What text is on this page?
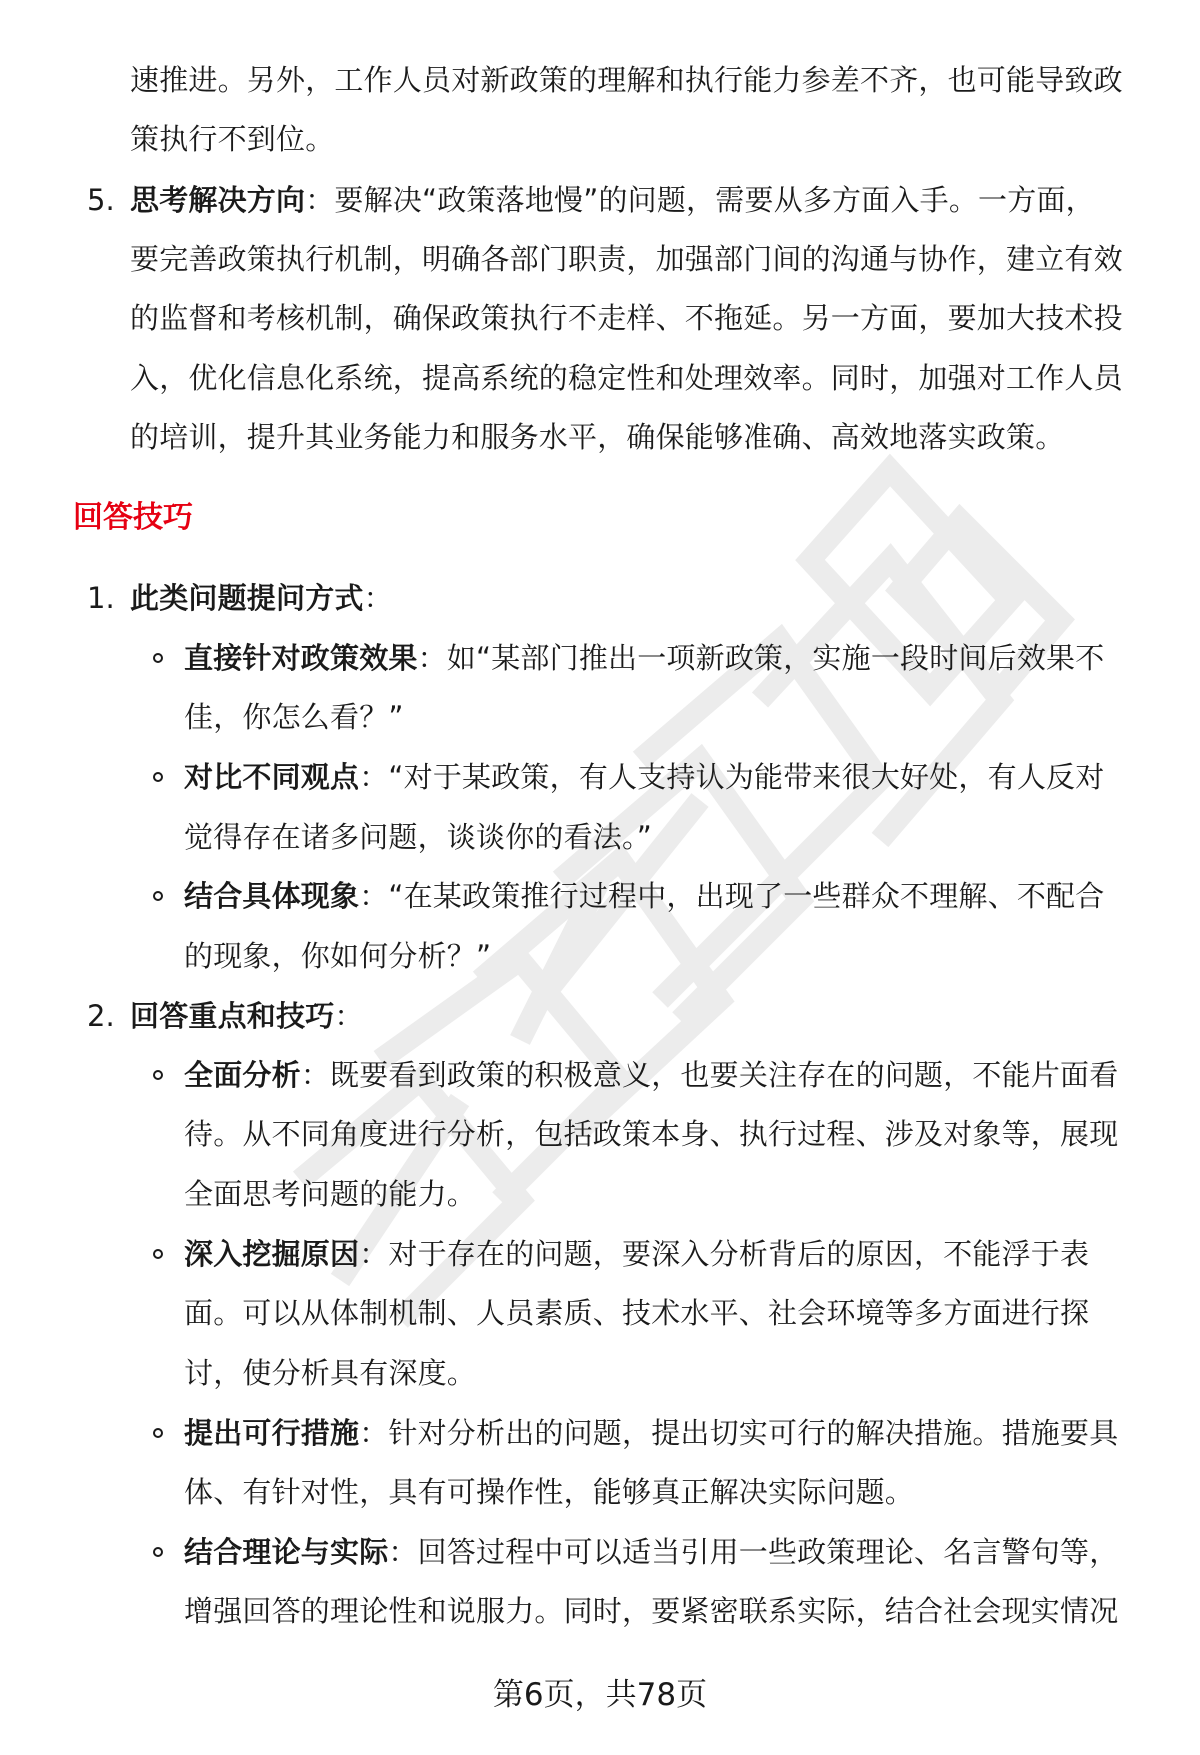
速推进。另外，工作人员对新政策的理解和执行能力参差不齐，也可能导致政
策执行不到位。
5. 思考解决方向：要解决“政策落地慢”的问题，需要从多方面入手。一方面，
要完善政策执行机制，明确各部门职责，加强部门间的沟通与协作，建立有效
的监督和考核机制，确保政策执行不走样、不拖延。另一方面，要加大技术投
入，优化信息化系统，提高系统的稳定性和处理效率。同时，加强对工作人员
的培训，提升其业务能力和服务水平，确保能够准确、高效地落实政策。
回答技巧
1. 此类问题提问方式：
直接针对政策效果：如“某部门推出一项新政策，实施一段时间后效果不
佳，你怎么看？”
对比不同观点：“对于某政策，有人支持认为能带来很大好处，有人反对
觉得存在诸多问题，谈谈你的看法。”
结合具体现象：“在某政策推行过程中，出现了一些群众不理解、不配合
的现象，你如何分析？”
2. 回答重点和技巧：
全面分析：既要看到政策的积极意义，也要关注存在的问题，不能片面看
待。从不同角度进行分析，包括政策本身、执行过程、涉及对象等，展现
全面思考问题的能力。
深入挖掘原因：对于存在的问题，要深入分析背后的原因，不能浮于表
面。可以从体制机制、人员素质、技术水平、社会环境等多方面进行探
讨，使分析具有深度。
提出可行措施：针对分析出的问题，提出切实可行的解决措施。措施要具
体、有针对性，具有可操作性，能够真正解决实际问题。
结合理论与实际：回答过程中可以适当引用一些政策理论、名言警句等，
增强回答的理论性和说服力。同时，要紧密联系实际，结合社会现实情况
第6页，共78页
